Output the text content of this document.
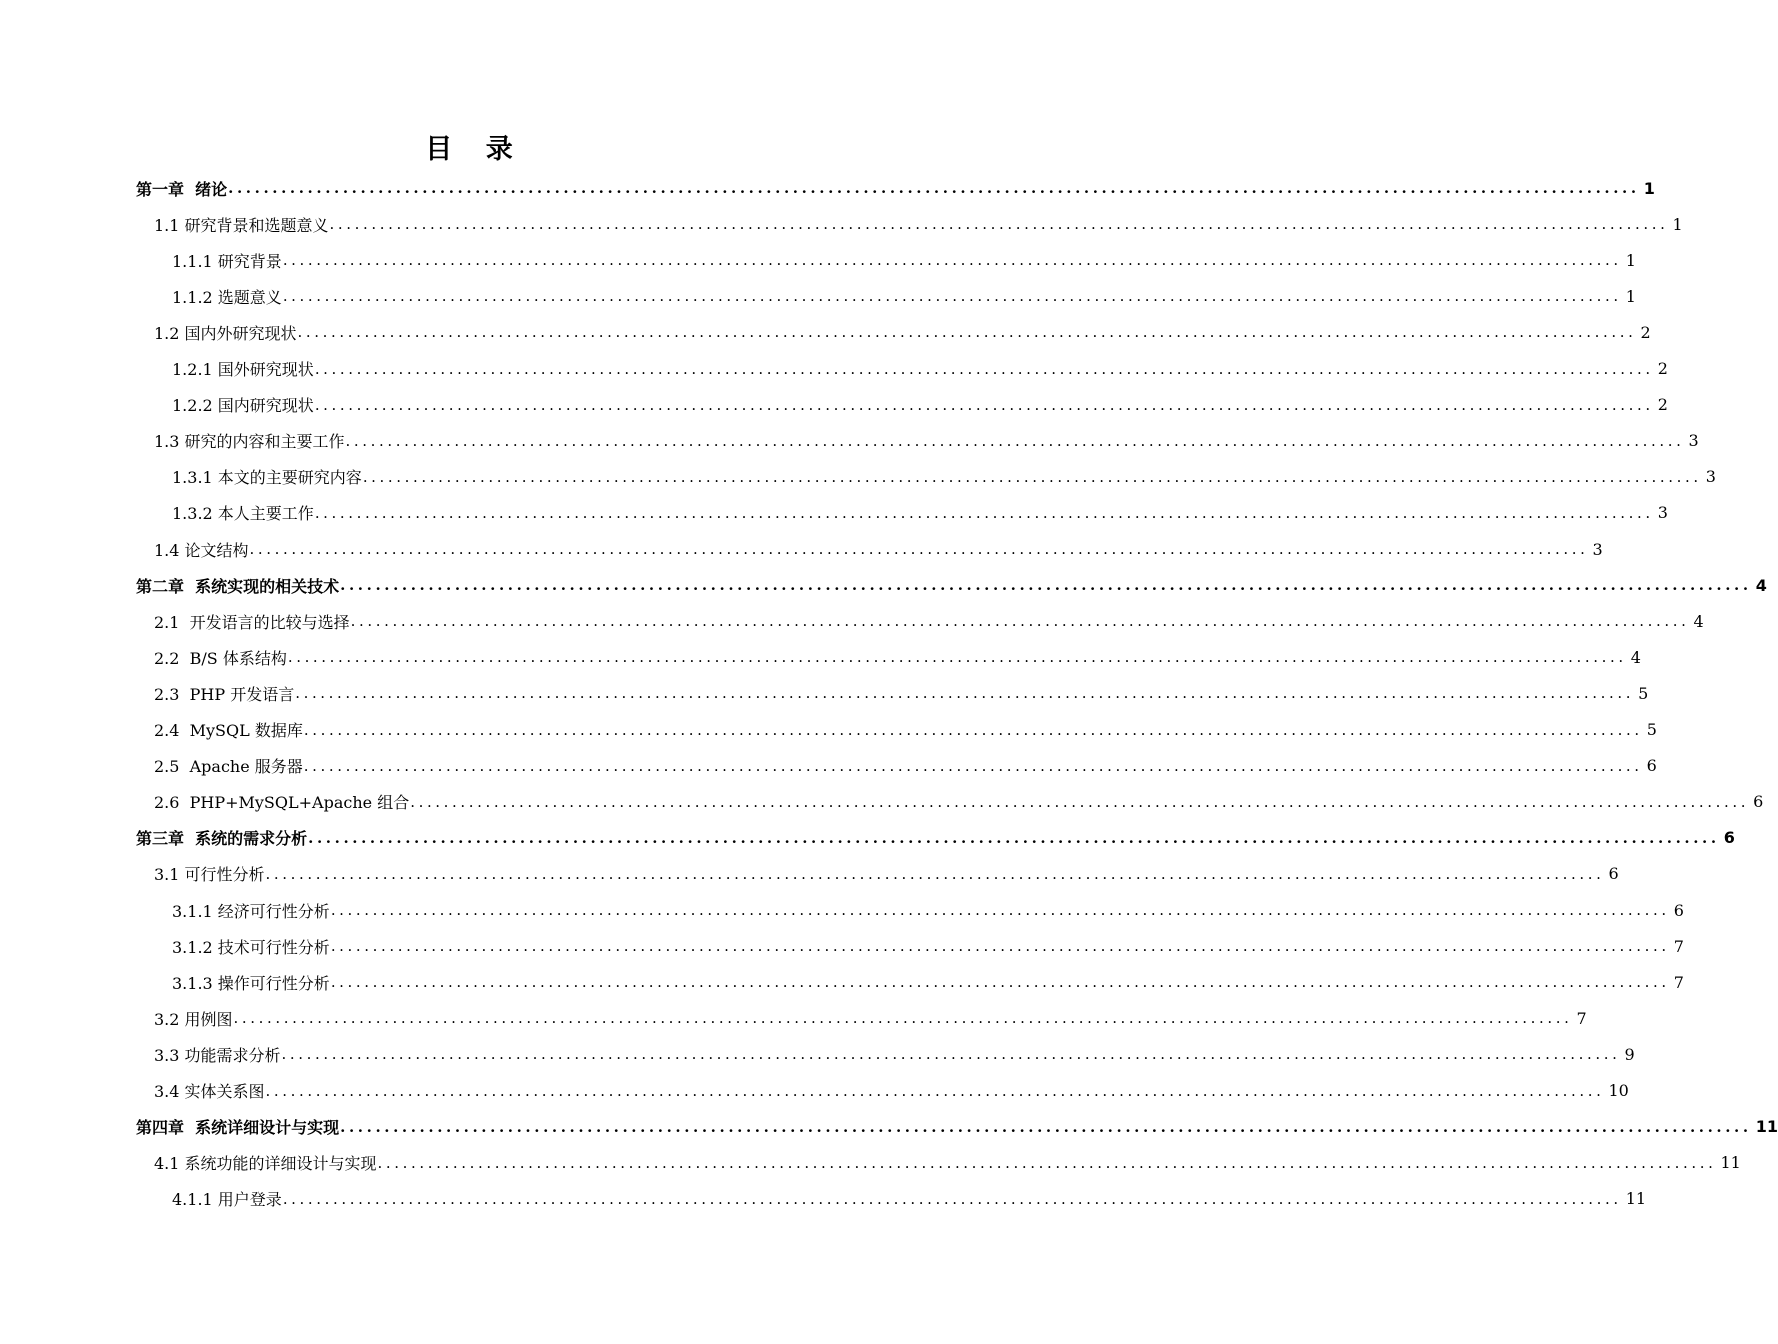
目 录
第一章  绪论 ................................................................................................................................................................ 1
1.1 研究背景和选题意义 ................................................................................................................................................................ 1
1.1.1 研究背景 ................................................................................................................................................................ 1
1.1.2 选题意义 ................................................................................................................................................................ 1
1.2 国内外研究现状 ................................................................................................................................................................ 2
1.2.1 国外研究现状 ................................................................................................................................................................ 2
1.2.2 国内研究现状 ................................................................................................................................................................ 2
1.3 研究的内容和主要工作 ................................................................................................................................................................ 3
1.3.1 本文的主要研究内容 ................................................................................................................................................................ 3
1.3.2 本人主要工作 ................................................................................................................................................................ 3
1.4 论文结构 ................................................................................................................................................................ 3
第二章  系统实现的相关技术 ................................................................................................................................................................ 4
2.1  开发语言的比较与选择 ................................................................................................................................................................ 4
2.2  B/S 体系结构 ................................................................................................................................................................ 4
2.3  PHP 开发语言 ................................................................................................................................................................ 5
2.4  MySQL 数据库 ................................................................................................................................................................ 5
2.5  Apache 服务器 ................................................................................................................................................................ 6
2.6  PHP+MySQL+Apache 组合 ................................................................................................................................................................ 6
第三章  系统的需求分析 ................................................................................................................................................................ 6
3.1 可行性分析 ................................................................................................................................................................ 6
3.1.1 经济可行性分析 ................................................................................................................................................................ 6
3.1.2 技术可行性分析 ................................................................................................................................................................ 7
3.1.3 操作可行性分析 ................................................................................................................................................................ 7
3.2 用例图 ................................................................................................................................................................ 7
3.3 功能需求分析 ................................................................................................................................................................ 9
3.4 实体关系图 ................................................................................................................................................................ 10
第四章  系统详细设计与实现 ................................................................................................................................................................ 11
4.1 系统功能的详细设计与实现 ................................................................................................................................................................ 11
4.1.1 用户登录 ................................................................................................................................................................ 11
